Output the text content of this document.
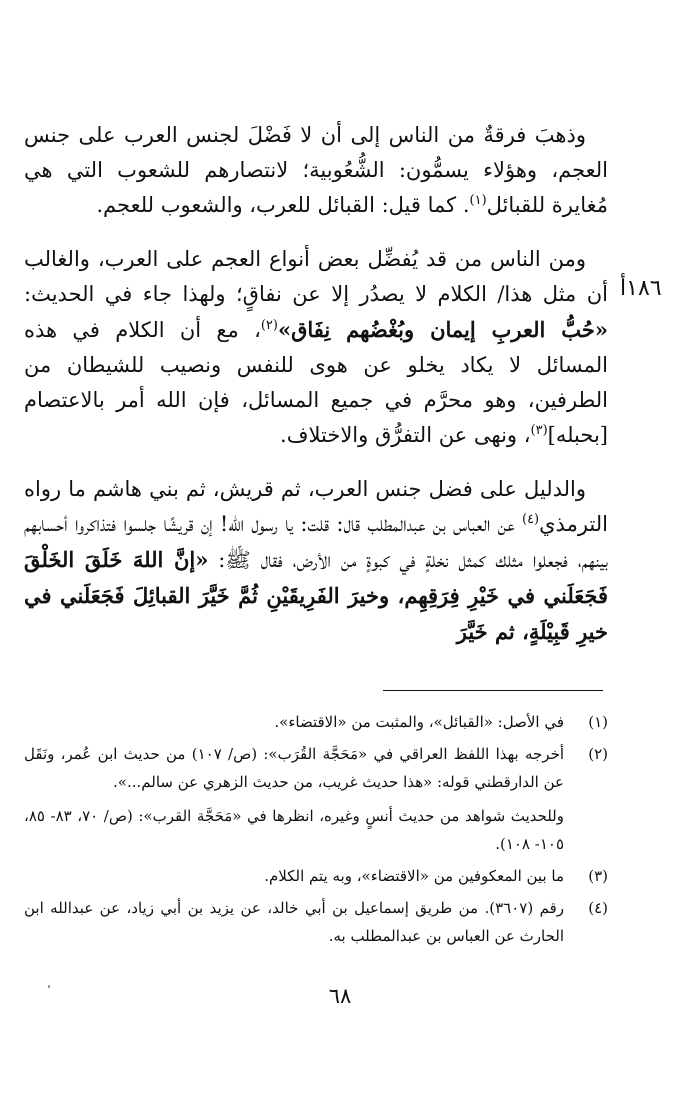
وذهبَ فرقةٌ من الناس إلى أن لا فَضْلَ لجنس العرب على جنس العجم، وهؤلاء يسمُّون: الشُّعُوبية؛ لانتصارهم للشعوب التي هي مُغايرة للقبائل$^{(١)}$. كما قيل: القبائل للعرب، والشعوب للعجم.

ومن الناس من قد يُفضِّل بعض أنواع العجم على العرب، والغالب أن مثل هذا/ الكلام لا يصدُر إلا عن نفاقٍ؛ ولهذا جاء في الحديث: «حُبُّ العربِ إيمان وبُغْضُهم نِفَاق»$^{(٢)}$، مع أن الكلام في هذه المسائل لا يكاد يخلو عن هوى للنفس ونصيب للشيطان من الطرفين، وهو محرَّم في جميع المسائل، فإن الله أمر بالاعتصام [بحبله]$^{(٣)}$، ونهى عن التفرُّق والاختلاف.

والدليل على فضل جنس العرب، ثم قريش، ثم بني هاشم ما رواه الترمذي$^{(٤)}$ عن العباس بن عبدالمطلب قال: قلت: يا رسول الله! إن قريشًا جلسوا فتذاكروا أحسابهم بينهم، فجعلوا مثلك كمثل نخلةٍ في كبوةٍ من الأرض، فقال ﷺ: «إنَّ اللهَ خَلَقَ الخَلْقَ فَجَعَلَني في خَيْرِ فِرَقِهِم، وخيرَ الفَرِيقَيْنِ ثُمَّ خَيَّرَ القبائِلَ فَجَعَلَني في خيرِ قَبِيْلَةٍ، ثم خَيَّرَ

١٨٦أ
(١)

في الأصل: «القبائل»، والمثبت من «الاقتضاء».

(٢)

أخرجه بهذا اللفظ العراقي في «مَحَجَّة القُرَب»: (ص/ ١٠٧) من حديث ابن عُمر، ونَقَل عن الدارقطني قوله: «هذا حديث غريب، من حديث الزهري عن سالم...».

وللحديث شواهد من حديث أنسٍ وغيره، انظرها في «مَحَجَّة القرب»: (ص/ ٧٠، ٨٣- ٨٥، ١٠٥- ١٠٨).

(٣)

ما بين المعكوفين من «الاقتضاء»، وبه يتم الكلام.

(٤)

رقم (٣٦٠٧). من طريق إسماعيل بن أبي خالد، عن يزيد بن أبي زياد، عن عبدالله ابن الحارث عن العباس بن عبدالمطلب به.

٦٨
